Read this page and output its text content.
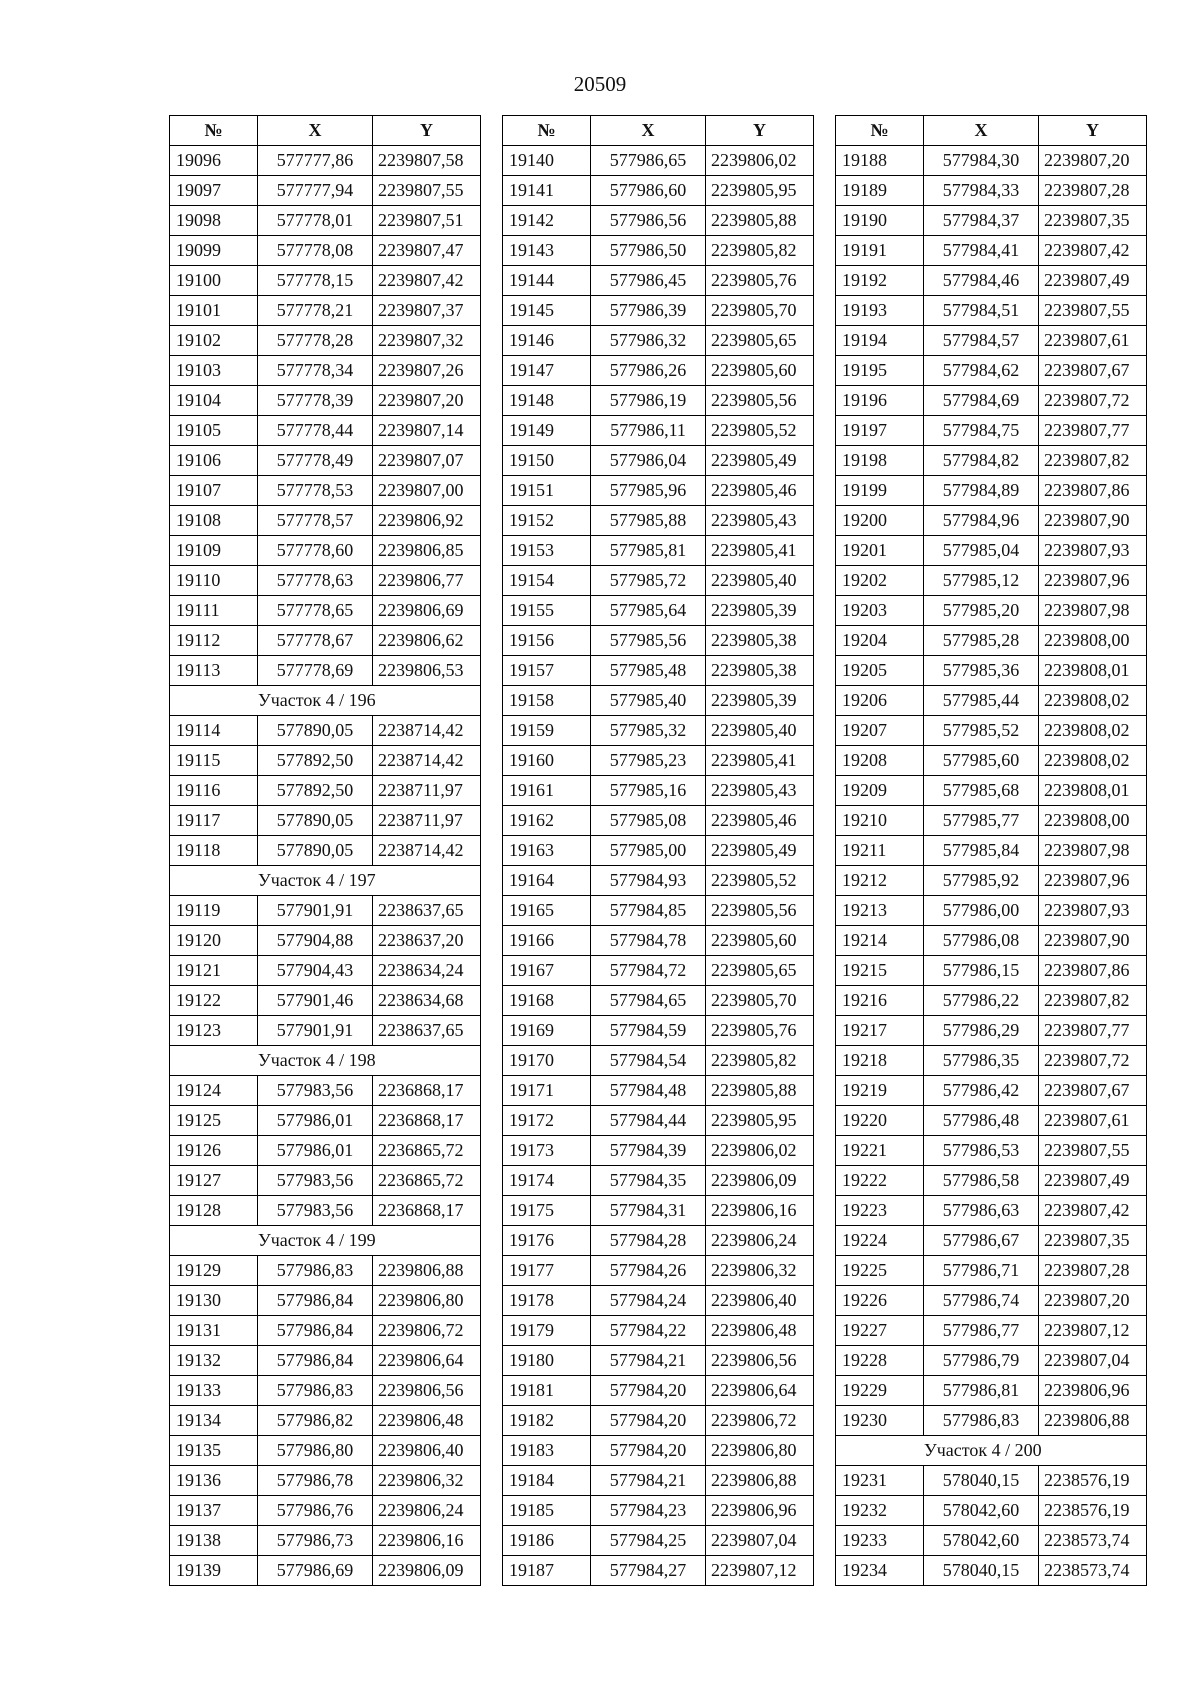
20509
№	X	Y
19096	577777,86	2239807,58
19097	577777,94	2239807,55
19098	577778,01	2239807,51
19099	577778,08	2239807,47
19100	577778,15	2239807,42
19101	577778,21	2239807,37
19102	577778,28	2239807,32
19103	577778,34	2239807,26
19104	577778,39	2239807,20
19105	577778,44	2239807,14
19106	577778,49	2239807,07
19107	577778,53	2239807,00
19108	577778,57	2239806,92
19109	577778,60	2239806,85
19110	577778,63	2239806,77
19111	577778,65	2239806,69
19112	577778,67	2239806,62
19113	577778,69	2239806,53
Участок 4 / 196		
19114	577890,05	2238714,42
19115	577892,50	2238714,42
19116	577892,50	2238711,97
19117	577890,05	2238711,97
19118	577890,05	2238714,42
Участок 4 / 197		
19119	577901,91	2238637,65
19120	577904,88	2238637,20
19121	577904,43	2238634,24
19122	577901,46	2238634,68
19123	577901,91	2238637,65
Участок 4 / 198		
19124	577983,56	2236868,17
19125	577986,01	2236868,17
19126	577986,01	2236865,72
19127	577983,56	2236865,72
19128	577983,56	2236868,17
Участок 4 / 199		
19129	577986,83	2239806,88
19130	577986,84	2239806,80
19131	577986,84	2239806,72
19132	577986,84	2239806,64
19133	577986,83	2239806,56
19134	577986,82	2239806,48
19135	577986,80	2239806,40
19136	577986,78	2239806,32
19137	577986,76	2239806,24
19138	577986,73	2239806,16
19139	577986,69	2239806,09
№	X	Y
19140	577986,65	2239806,02
19141	577986,60	2239805,95
19142	577986,56	2239805,88
19143	577986,50	2239805,82
19144	577986,45	2239805,76
19145	577986,39	2239805,70
19146	577986,32	2239805,65
19147	577986,26	2239805,60
19148	577986,19	2239805,56
19149	577986,11	2239805,52
19150	577986,04	2239805,49
19151	577985,96	2239805,46
19152	577985,88	2239805,43
19153	577985,81	2239805,41
19154	577985,72	2239805,40
19155	577985,64	2239805,39
19156	577985,56	2239805,38
19157	577985,48	2239805,38
19158	577985,40	2239805,39
19159	577985,32	2239805,40
19160	577985,23	2239805,41
19161	577985,16	2239805,43
19162	577985,08	2239805,46
19163	577985,00	2239805,49
19164	577984,93	2239805,52
19165	577984,85	2239805,56
19166	577984,78	2239805,60
19167	577984,72	2239805,65
19168	577984,65	2239805,70
19169	577984,59	2239805,76
19170	577984,54	2239805,82
19171	577984,48	2239805,88
19172	577984,44	2239805,95
19173	577984,39	2239806,02
19174	577984,35	2239806,09
19175	577984,31	2239806,16
19176	577984,28	2239806,24
19177	577984,26	2239806,32
19178	577984,24	2239806,40
19179	577984,22	2239806,48
19180	577984,21	2239806,56
19181	577984,20	2239806,64
19182	577984,20	2239806,72
19183	577984,20	2239806,80
19184	577984,21	2239806,88
19185	577984,23	2239806,96
19186	577984,25	2239807,04
19187	577984,27	2239807,12
№	X	Y
19188	577984,30	2239807,20
19189	577984,33	2239807,28
19190	577984,37	2239807,35
19191	577984,41	2239807,42
19192	577984,46	2239807,49
19193	577984,51	2239807,55
19194	577984,57	2239807,61
19195	577984,62	2239807,67
19196	577984,69	2239807,72
19197	577984,75	2239807,77
19198	577984,82	2239807,82
19199	577984,89	2239807,86
19200	577984,96	2239807,90
19201	577985,04	2239807,93
19202	577985,12	2239807,96
19203	577985,20	2239807,98
19204	577985,28	2239808,00
19205	577985,36	2239808,01
19206	577985,44	2239808,02
19207	577985,52	2239808,02
19208	577985,60	2239808,02
19209	577985,68	2239808,01
19210	577985,77	2239808,00
19211	577985,84	2239807,98
19212	577985,92	2239807,96
19213	577986,00	2239807,93
19214	577986,08	2239807,90
19215	577986,15	2239807,86
19216	577986,22	2239807,82
19217	577986,29	2239807,77
19218	577986,35	2239807,72
19219	577986,42	2239807,67
19220	577986,48	2239807,61
19221	577986,53	2239807,55
19222	577986,58	2239807,49
19223	577986,63	2239807,42
19224	577986,67	2239807,35
19225	577986,71	2239807,28
19226	577986,74	2239807,20
19227	577986,77	2239807,12
19228	577986,79	2239807,04
19229	577986,81	2239806,96
19230	577986,83	2239806,88
Участок 4 / 200		
19231	578040,15	2238576,19
19232	578042,60	2238576,19
19233	578042,60	2238573,74
19234	578040,15	2238573,74
